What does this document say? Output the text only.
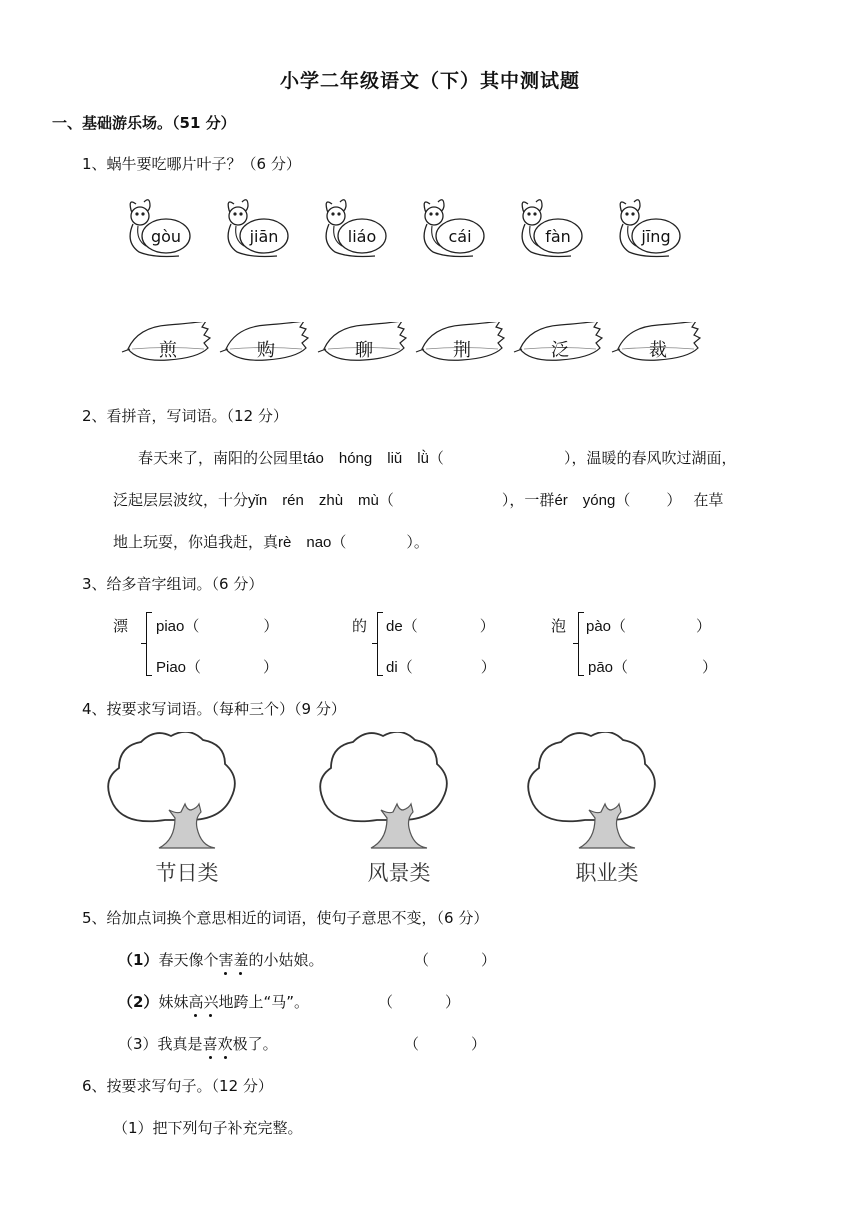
小学二年级语文（下）其中测试题
一、基础游乐场。（51 分）
1、蜗牛要吃哪片叶子？（6 分）
gòu	jiān	liáo	cái	fàn	jīng
煎	购	聊	荆	泛	裁
2、看拼音，写词语。（12 分）
春天来了，南阳的公园里táo　hóng　liǔ　lǜ（	），温暖的春风吹过湖面，
泛起层层波纹，十分yǐn　rén　zhù　mù（	），一群ér　yóng（ ） 在草
地上玩耍，你追我赶，真rè　nao（	）。
3、给多音字组词。（6 分）
漂 piao（	）
Piao（	）
的 de（	）
di（	）
泡 pào（	）
pāo（	）
4、按要求写词语。（每种三个）（9 分）
节日类	风景类	职业类
5、给加点词换个意思相近的词语，使句子意思不变，（6 分）
（1）春天像个害羞的小姑娘。	（	）
（2）妹妹高兴地跨上“马”。	（	）
（3）我真是喜欢极了。	（	）
6、按要求写句子。（12 分）
（1）把下列句子补充完整。
